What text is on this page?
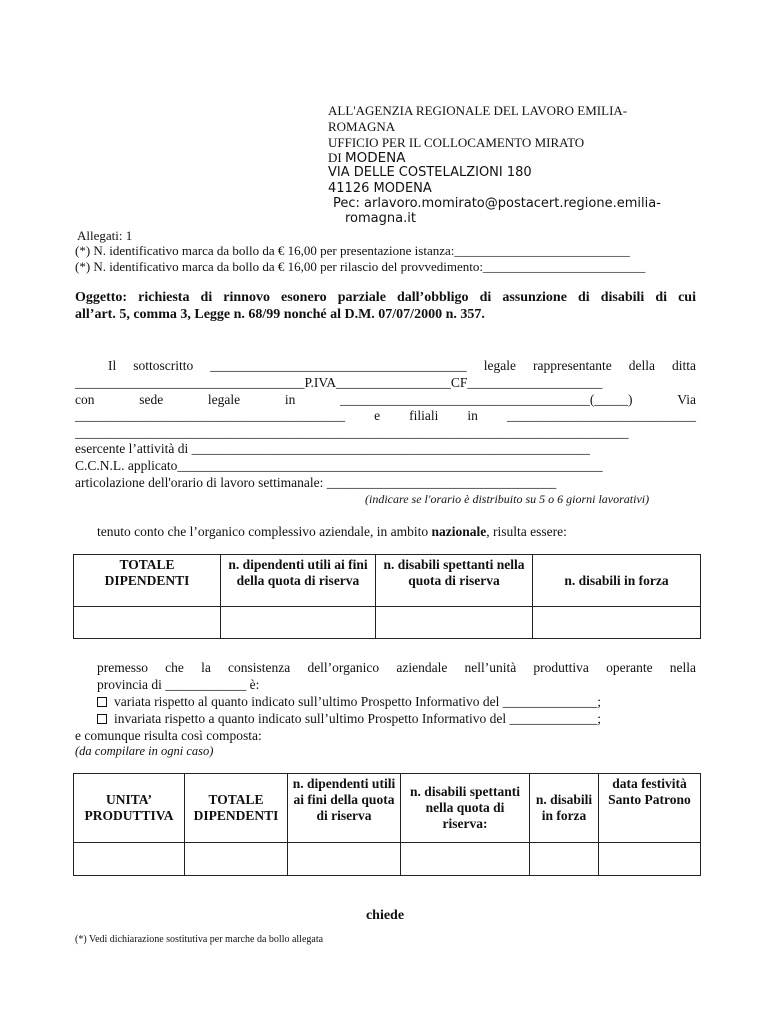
ALL'AGENZIA REGIONALE DEL LAVORO EMILIA-
ROMAGNA
UFFICIO PER IL COLLOCAMENTO MIRATO
DI MODENA
VIA DELLE COSTELALZIONI 180
41126 MODENA
Pec: arlavoro.momirato@postacert.regione.emilia-
romagna.it
Allegati: 1
(*) N. identificativo marca da bollo da € 16,00 per presentazione istanza:___________________________
(*) N. identificativo marca da bollo da € 16,00 per rilascio del provvedimento:_________________________
Oggetto: richiesta di rinnovo esonero parziale dall’obbligo di assunzione di disabili di cui
all’art. 5, comma 3, Legge n. 68/99 nonché al D.M. 07/07/2000 n. 357.
Il sottoscritto ______________________________________ legale rappresentante della ditta
__________________________________P.IVA_________________CF____________________
con	sede	legale	in	_____________________________________(_____)	Via
________________________________________ e filiali in ____________________________
__________________________________________________________________________________
esercente l’attività di ___________________________________________________________
C.C.N.L. applicato_______________________________________________________________
articolazione dell'orario di lavoro settimanale: __________________________________
(indicare se l'orario è distribuito su 5 o 6 giorni lavorativi)
tenuto conto che l’organico complessivo aziendale, in ambito nazionale, risulta essere:
TOTALE DIPENDENTI	n. dipendenti utili ai fini della quota di riserva	n. disabili spettanti nella quota di riserva	n. disabili in forza

premesso che la consistenza dell’organico aziendale nell’unità produttiva operante nella
provincia di ____________ è:
variata rispetto al quanto indicato sull’ultimo Prospetto Informativo del ______________;
invariata rispetto a quanto indicato sull’ultimo Prospetto Informativo del _____________;
e comunque risulta così composta:
(da compilare in ogni caso)
UNITA’ PRODUTTIVA	TOTALE DIPENDENTI	n. dipendenti utili ai fini della quota di riserva	n. disabili spettanti nella quota di riserva:	n. disabili in forza	data festività Santo Patrono

chiede
(*) Vedi dichiarazione sostitutiva per marche da bollo allegata
